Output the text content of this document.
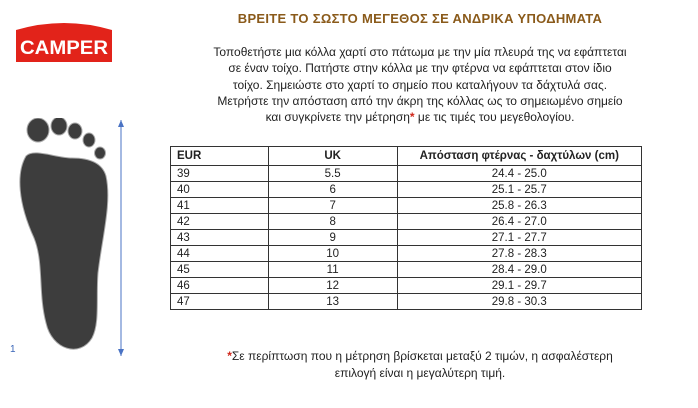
CAMPER
1
ΒΡΕΙΤΕ ΤΟ ΣΩΣΤΟ ΜΕΓΕΘΟΣ ΣΕ ΑΝΔΡΙΚΑ ΥΠΟΔΗΜΑΤΑ

Τοποθετήστε μια κόλλα χαρτί στο πάτωμα με την μία πλευρά της να εφάπτεται

σε έναν τοίχο. Πατήστε στην κόλλα με την φτέρνα να εφάπτεται στον ίδιο

τοίχο. Σημειώστε στο χαρτί το σημείο που καταλήγουν τα δάχτυλά σας.

Μετρήστε την απόσταση από την άκρη της κόλλας ως το σημειωμένο σημείο

και συγκρίνετε την μέτρηση* με τις τιμές του μεγεθολογίου.

EUR	UK	Απόσταση φτέρνας - δαχτύλων (cm)
39	5.5	24.4 - 25.0
40	6	25.1 - 25.7
41	7	25.8 - 26.3
42	8	26.4 - 27.0
43	9	27.1 - 27.7
44	10	27.8 - 28.3
45	11	28.4 - 29.0
46	12	29.1 - 29.7
47	13	29.8 - 30.3

*Σε περίπτωση που η μέτρηση βρίσκεται μεταξύ 2 τιμών, η ασφαλέστερη

επιλογή είναι η μεγαλύτερη τιμή.
